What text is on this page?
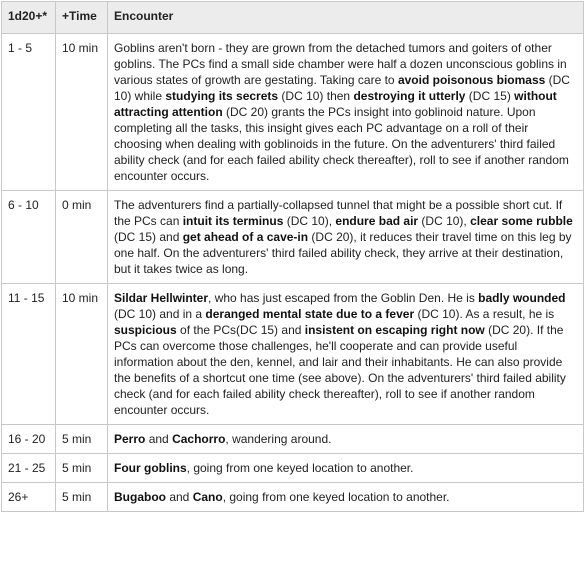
1d20+*	+Time	Encounter
1 - 5	10 min	Goblins aren't born - they are grown from the detached tumors and goiters of other goblins. The PCs find a small side chamber were half a dozen unconscious goblins in various states of growth are gestating. Taking care to avoid poisonous biomass (DC 10) while studying its secrets (DC 10) then destroying it utterly (DC 15) without attracting attention (DC 20) grants the PCs insight into goblinoid nature. Upon completing all the tasks, this insight gives each PC advantage on a roll of their choosing when dealing with goblinoids in the future. On the adventurers' third failed ability check (and for each failed ability check thereafter), roll to see if another random encounter occurs.
6 - 10	0 min	The adventurers find a partially-collapsed tunnel that might be a possible short cut. If the PCs can intuit its terminus (DC 10), endure bad air (DC 10), clear some rubble (DC 15) and get ahead of a cave-in (DC 20), it reduces their travel time on this leg by one half. On the adventurers' third failed ability check, they arrive at their destination, but it takes twice as long.
11 - 15	10 min	Sildar Hellwinter, who has just escaped from the Goblin Den. He is badly wounded (DC 10) and in a deranged mental state due to a fever (DC 10). As a result, he is suspicious of the PCs(DC 15) and insistent on escaping right now (DC 20). If the PCs can overcome those challenges, he'll cooperate and can provide useful information about the den, kennel, and lair and their inhabitants. He can also provide the benefits of a shortcut one time (see above). On the adventurers' third failed ability check (and for each failed ability check thereafter), roll to see if another random encounter occurs.
16 - 20	5 min	Perro and Cachorro, wandering around.
21 - 25	5 min	Four goblins, going from one keyed location to another.
26+	5 min	Bugaboo and Cano, going from one keyed location to another.
